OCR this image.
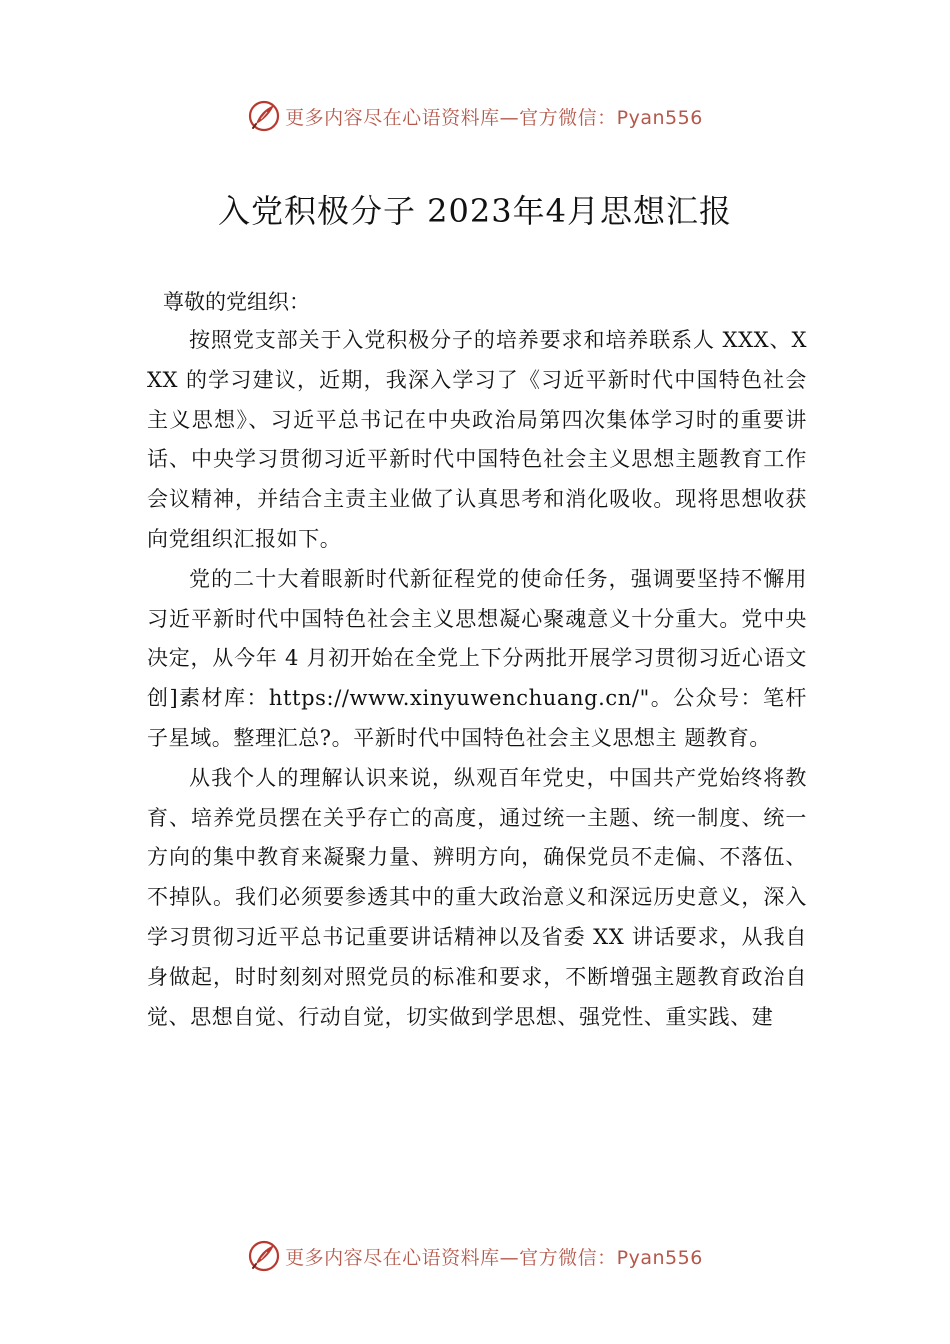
更多内容尽在心语资料库—官方微信：Pyan556
入党积极分子 2023年4月思想汇报
尊敬的党组织：

按照党支部关于入党积极分子的培养要求和培养联系人 XXX、XXX 的学习建议，近期，我深入学习了《习近平新时代中国特色社会主义思想》、习近平总书记在中央政治局第四次集体学习时的重要讲话、中央学习贯彻习近平新时代中国特色社会主义思想主题教育工作会议精神，并结合主责主业做了认真思考和消化吸收。现将思想收获向党组织汇报如下。

党的二十大着眼新时代新征程党的使命任务，强调要坚持不懈用习近平新时代中国特色社会主义思想凝心聚魂意义十分重大。党中央决定，从今年 4 月初开始在全党上下分两批开展学习贯彻习近心语文创]素材库：https://www.xinyuwenchuang.cn/"。公众号：笔杆子星域。整理汇总?。平新时代中国特色社会主义思想主 题教育。

从我个人的理解认识来说，纵观百年党史，中国共产党始终将教育、培养党员摆在关乎存亡的高度，通过统一主题、统一制度、统一方向的集中教育来凝聚力量、辨明方向，确保党员不走偏、不落伍、不掉队。我们必须要参透其中的重大政治意义和深远历史意义，深入学习贯彻习近平总书记重要讲话精神以及省委 XX 讲话要求，从我自身做起，时时刻刻对照党员的标准和要求，不断增强主题教育政治自觉、思想自觉、行动自觉，切实做到学思想、强党性、重实践、建

更多内容尽在心语资料库—官方微信：Pyan556
